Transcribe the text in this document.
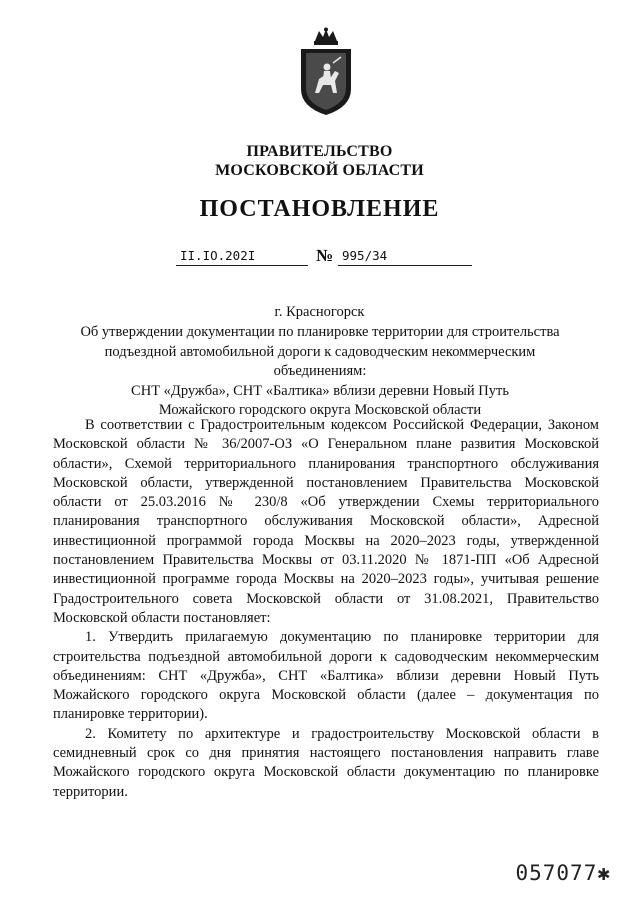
ПРАВИТЕЛЬСТВО
МОСКОВСКОЙ ОБЛАСТИ
ПОСТАНОВЛЕНИЕ
II.IO.202I	№ 995/34
г. Красногорск
Об утверждении документации по планировке территории для строительства
подъездной автомобильной дороги к садоводческим некоммерческим объединениям:
СНТ «Дружба», СНТ «Балтика» вблизи деревни Новый Путь
Можайского городского округа Московской области

В соответствии с Градостроительным кодексом Российской Федерации, Законом Московской области № 36/2007-ОЗ «О Генеральном плане развития Московской области», Схемой территориального планирования транспортного обслуживания Московской области, утвержденной постановлением Правительства Московской области от 25.03.2016 № 230/8 «Об утверждении Схемы территориального планирования транспортного обслуживания Московской области», Адресной инвестиционной программой города Москвы на 2020–2023 годы, утвержденной постановлением Правительства Москвы от 03.11.2020 № 1871-ПП «Об Адресной инвестиционной программе города Москвы на 2020–2023 годы», учитывая решение Градостроительного совета Московской области от 31.08.2021, Правительство Московской области постановляет:

1. Утвердить прилагаемую документацию по планировке территории для строительства подъездной автомобильной дороги к садоводческим некоммерческим объединениям: СНТ «Дружба», СНТ «Балтика» вблизи деревни Новый Путь Можайского городского округа Московской области (далее – документация по планировке территории).

2. Комитету по архитектуре и градостроительству Московской области в семидневный срок со дня принятия настоящего постановления направить главе Можайского городского округа Московской области документацию по планировке территории.

057077✱
